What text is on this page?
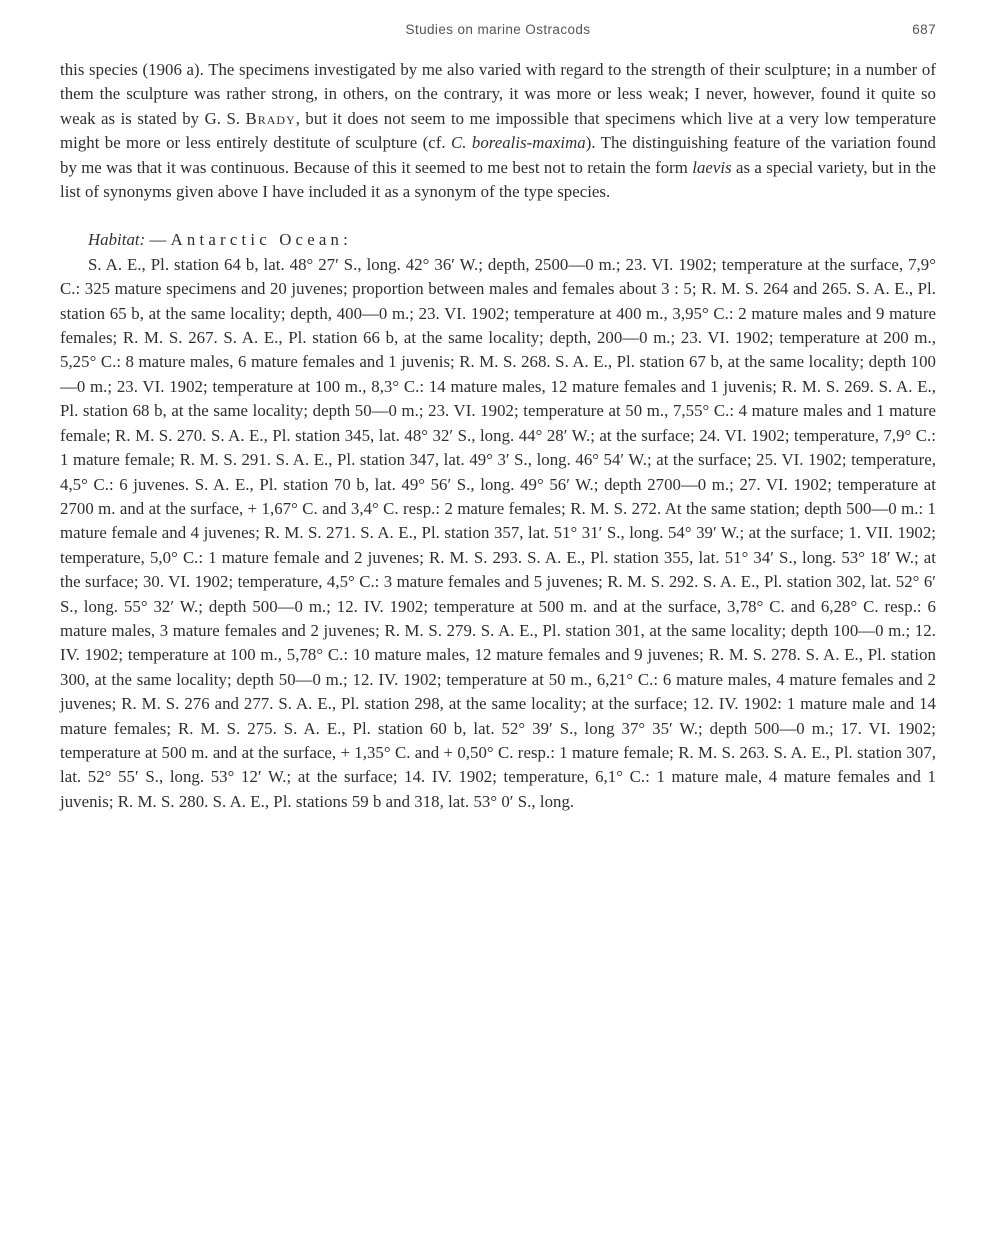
Studies on marine Ostracods	687

this species (1906 a). The specimens investigated by me also varied with regard to the strength of their sculpture; in a number of them the sculpture was rather strong, in others, on the contrary, it was more or less weak; I never, however, found it quite so weak as is stated by G. S. Brady, but it does not seem to me impossible that specimens which live at a very low temperature might be more or less entirely destitute of sculpture (cf. C. borealis-maxima). The distinguishing feature of the variation found by me was that it was continuous. Because of this it seemed to me best not to retain the form laevis as a special variety, but in the list of synonyms given above I have included it as a synonym of the type species.

Habitat: — Antarctic Ocean:

S. A. E., Pl. station 64 b, lat. 48° 27′ S., long. 42° 36′ W.; depth, 2500—0 m.; 23. VI. 1902; temperature at the surface, 7,9° C.: 325 mature specimens and 20 juvenes; proportion between males and females about 3 : 5; R. M. S. 264 and 265. S. A. E., Pl. station 65 b, at the same locality; depth, 400—0 m.; 23. VI. 1902; temperature at 400 m., 3,95° C.: 2 mature males and 9 mature females; R. M. S. 267. S. A. E., Pl. station 66 b, at the same locality; depth, 200—0 m.; 23. VI. 1902; temperature at 200 m., 5,25° C.: 8 mature males, 6 mature females and 1 juvenis; R. M. S. 268. S. A. E., Pl. station 67 b, at the same locality; depth 100—0 m.; 23. VI. 1902; temperature at 100 m., 8,3° C.: 14 mature males, 12 mature females and 1 juvenis; R. M. S. 269. S. A. E., Pl. station 68 b, at the same locality; depth 50—0 m.; 23. VI. 1902; temperature at 50 m., 7,55° C.: 4 mature males and 1 mature female; R. M. S. 270. S. A. E., Pl. station 345, lat. 48° 32′ S., long. 44° 28′ W.; at the surface; 24. VI. 1902; temperature, 7,9° C.: 1 mature female; R. M. S. 291. S. A. E., Pl. station 347, lat. 49° 3′ S., long. 46° 54′ W.; at the surface; 25. VI. 1902; temperature, 4,5° C.: 6 juvenes. S. A. E., Pl. station 70 b, lat. 49° 56′ S., long. 49° 56′ W.; depth 2700—0 m.; 27. VI. 1902; temperature at 2700 m. and at the surface, + 1,67° C. and 3,4° C. resp.: 2 mature females; R. M. S. 272. At the same station; depth 500—0 m.: 1 mature female and 4 juvenes; R. M. S. 271. S. A. E., Pl. station 357, lat. 51° 31′ S., long. 54° 39′ W.; at the surface; 1. VII. 1902; temperature, 5,0° C.: 1 mature female and 2 juvenes; R. M. S. 293. S. A. E., Pl. station 355, lat. 51° 34′ S., long. 53° 18′ W.; at the surface; 30. VI. 1902; temperature, 4,5° C.: 3 mature females and 5 juvenes; R. M. S. 292. S. A. E., Pl. station 302, lat. 52° 6′ S., long. 55° 32′ W.; depth 500—0 m.; 12. IV. 1902; temperature at 500 m. and at the surface, 3,78° C. and 6,28° C. resp.: 6 mature males, 3 mature females and 2 juvenes; R. M. S. 279. S. A. E., Pl. station 301, at the same locality; depth 100—0 m.; 12. IV. 1902; temperature at 100 m., 5,78° C.: 10 mature males, 12 mature females and 9 juvenes; R. M. S. 278. S. A. E., Pl. station 300, at the same locality; depth 50—0 m.; 12. IV. 1902; temperature at 50 m., 6,21° C.: 6 mature males, 4 mature females and 2 juvenes; R. M. S. 276 and 277. S. A. E., Pl. station 298, at the same locality; at the surface; 12. IV. 1902: 1 mature male and 14 mature females; R. M. S. 275. S. A. E., Pl. station 60 b, lat. 52° 39′ S., long 37° 35′ W.; depth 500—0 m.; 17. VI. 1902; temperature at 500 m. and at the surface, + 1,35° C. and + 0,50° C. resp.: 1 mature female; R. M. S. 263. S. A. E., Pl. station 307, lat. 52° 55′ S., long. 53° 12′ W.; at the surface; 14. IV. 1902; temperature, 6,1° C.: 1 mature male, 4 mature females and 1 juvenis; R. M. S. 280. S. A. E., Pl. stations 59 b and 318, lat. 53° 0′ S., long.
